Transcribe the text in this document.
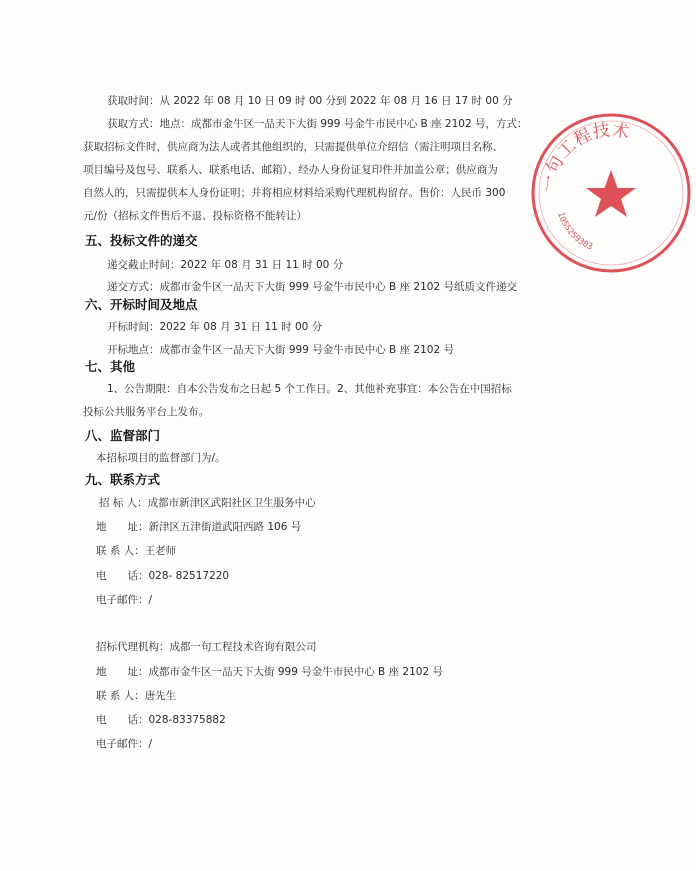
获取时间：从 2022 年 08 月 10 日 09 时 00 分到 2022 年 08 月 16 日 17 时 00 分
获取方式：地点：成都市金牛区一品天下大街 999 号金牛市民中心 B 座 2102 号，方式：
获取招标文件时，供应商为法人或者其他组织的，只需提供单位介绍信（需注明项目名称、
项目编号及包号、联系人、联系电话、邮箱）、经办人身份证复印件并加盖公章；供应商为
自然人的，只需提供本人身份证明；并将相应材料给采购代理机构留存。售价：人民币 300
元/份（招标文件售后不退、投标资格不能转让）
五、投标文件的递交
递交截止时间：2022 年 08 月 31 日 11 时 00 分
递交方式：成都市金牛区一品天下大街 999 号金牛市民中心 B 座 2102 号纸质文件递交
六、开标时间及地点
开标时间：2022 年 08 月 31 日 11 时 00 分
开标地点：成都市金牛区一品天下大街 999 号金牛市民中心 B 座 2102 号
七、其他
1、公告期限：自本公告发布之日起 5 个工作日。2、其他补充事宜：本公告在中国招标
投标公共服务平台上发布。
八、监督部门
本招标项目的监督部门为/。
九、联系方式
招 标 人：成都市新津区武阳社区卫生服务中心
地　　址：新津区五津街道武阳西路 106 号
联 系 人：王老师
电　　话：028- 82517220
电子邮件：/
招标代理机构：成都一句工程技术咨询有限公司
地　　址：成都市金牛区一品天下大街 999 号金牛市民中心 B 座 2102 号
联 系 人：唐先生
电　　话：028-83375882
电子邮件：/
一句工程技术
1055259303
